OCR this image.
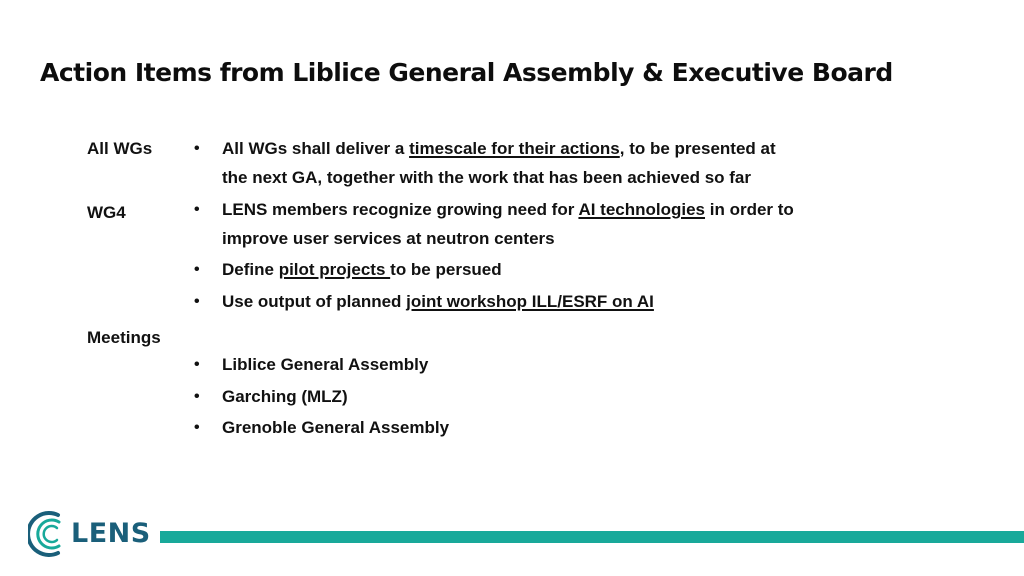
Action Items from Liblice General Assembly & Executive Board
All WGs
WG4
Meetings
• All WGs shall deliver a timescale for their actions, to be presented at
the next GA, together with the work that has been achieved so far
• LENS members recognize growing need for AI technologies in order to
improve user services at neutron centers
• Define pilot projects to be persued
• Use output of planned joint workshop ILL/ESRF on AI
• Liblice General Assembly
• Garching (MLZ)
• Grenoble General Assembly
LENS
